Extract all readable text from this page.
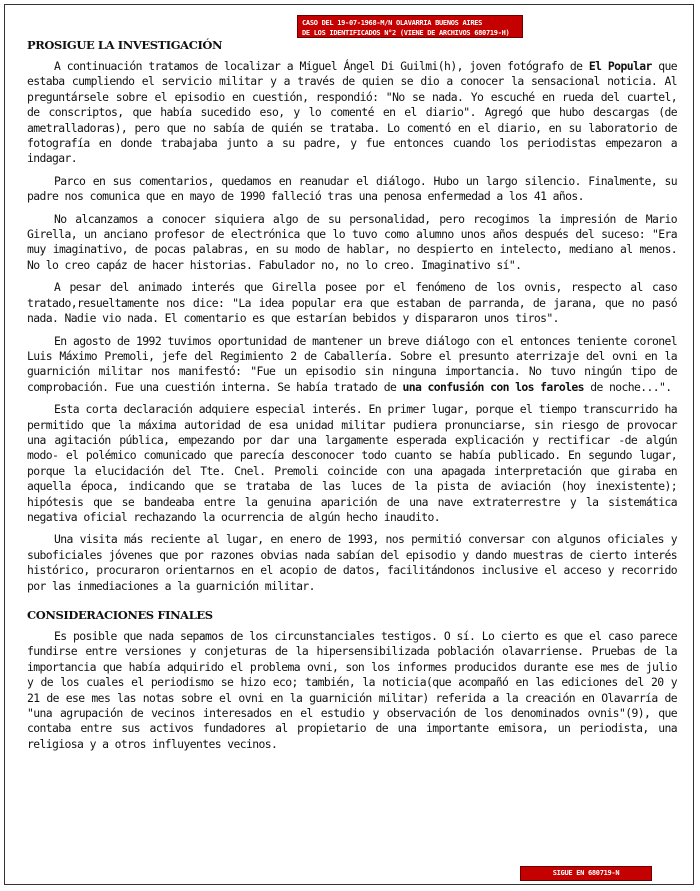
CASO DEL 19-07-1968-M/N OLAVARRIA BUENOS AIRES
DE LOS IDENTIFICADOS N°2 (VIENE DE ARCHIVOS 680719-H)
PROSIGUE LA INVESTIGACIÓN

A continuación tratamos de localizar a Miguel Ángel Di Guilmi(h), joven fotógrafo de El Popular que estaba cumpliendo el servicio militar y a través de quien se dio a conocer la sensacional noticia. Al preguntársele sobre el episodio en cuestión, respondió: "No se nada. Yo escuché en rueda del cuartel, de conscriptos, que había sucedido eso, y lo comenté en el diario". Agregó que hubo descargas (de ametralladoras), pero que no sabía de quién se trataba. Lo comentó en el diario, en su laboratorio de fotografía en donde trabajaba junto a su padre, y fue entonces cuando los periodistas empezaron a indagar.

Parco en sus comentarios, quedamos en reanudar el diálogo. Hubo un largo silencio. Finalmente, su padre nos comunica que en mayo de 1990 falleció tras una penosa enfermedad a los 41 años.

No alcanzamos a conocer siquiera algo de su personalidad, pero recogimos la impresión de Mario Girella, un anciano profesor de electrónica que lo tuvo como alumno unos años después del suceso: "Era muy imaginativo, de pocas palabras, en su modo de hablar, no despierto en intelecto, mediano al menos. No lo creo capáz de hacer historias. Fabulador no, no lo creo. Imaginativo sí".

A pesar del animado interés que Girella posee por el fenómeno de los ovnis, respecto al caso tratado,resueltamente nos dice: "La idea popular era que estaban de parranda, de jarana, que no pasó nada. Nadie vio nada. El comentario es que estarían bebidos y dispararon unos tiros".

En agosto de 1992 tuvimos oportunidad de mantener un breve diálogo con el entonces teniente coronel Luis Máximo Premoli, jefe del Regimiento 2 de Caballería. Sobre el presunto aterrizaje del ovni en la guarnición militar nos manifestó: "Fue un episodio sin ninguna importancia. No tuvo ningún tipo de comprobación. Fue una cuestión interna. Se había tratado de una confusión con los faroles de noche...".

Esta corta declaración adquiere especial interés. En primer lugar, porque el tiempo transcurrido ha permitido que la máxima autoridad de esa unidad militar pudiera pronunciarse, sin riesgo de provocar una agitación pública, empezando por dar una largamente esperada explicación y rectificar -de algún modo- el polémico comunicado que parecía desconocer todo cuanto se había publicado. En segundo lugar, porque la elucidación del Tte. Cnel. Premoli coincide con una apagada interpretación que giraba en aquella época, indicando que se trataba de las luces de la pista de aviación (hoy inexistente); hipótesis que se bandeaba entre la genuina aparición de una nave extraterrestre y la sistemática negativa oficial rechazando la ocurrencia de algún hecho inaudito.

Una visita más reciente al lugar, en enero de 1993, nos permitió conversar con algunos oficiales y suboficiales jóvenes que por razones obvias nada sabían del episodio y dando muestras de cierto interés histórico, procuraron orientarnos en el acopio de datos, facilitándonos inclusive el acceso y recorrido por las inmediaciones a la guarnición militar.

CONSIDERACIONES FINALES

Es posible que nada sepamos de los circunstanciales testigos. O sí. Lo cierto es que el caso parece fundirse entre versiones y conjeturas de la hipersensibilizada población olavarriense. Pruebas de la importancia que había adquirido el problema ovni, son los informes producidos durante ese mes de julio y de los cuales el periodismo se hizo eco; también, la noticia(que acompañó en las ediciones del 20 y 21 de ese mes las notas sobre el ovni en la guarnición militar) referida a la creación en Olavarría de "una agrupación de vecinos interesados en el estudio y observación de los denominados ovnis"(9), que contaba entre sus activos fundadores al propietario de una importante emisora, un periodista, una religiosa y a otros influyentes vecinos.

SIGUE EN 680719-N
